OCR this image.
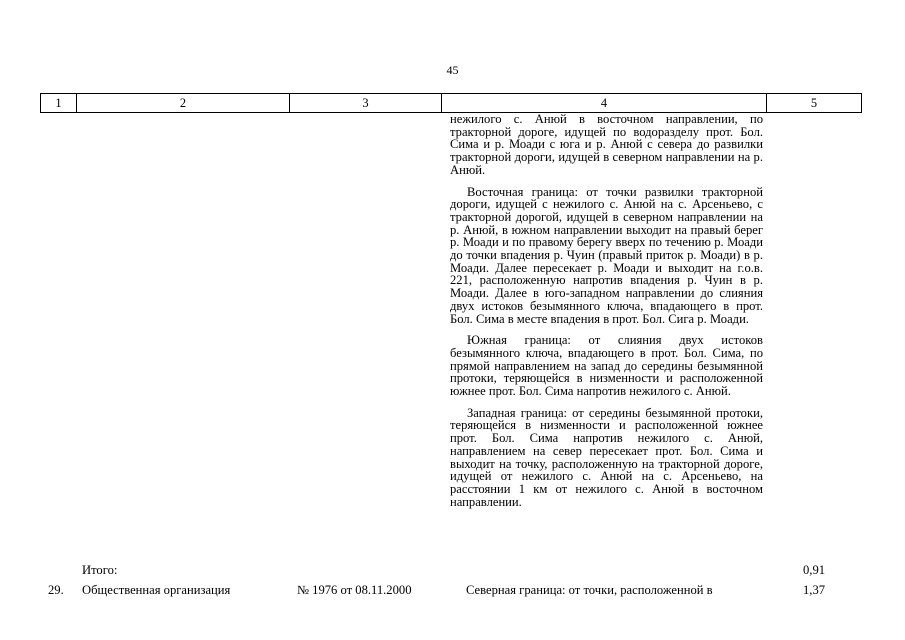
45
1	2	3	4	5

нежилого с. Анюй в восточном направлении, по тракторной дороге, идущей по водоразделу прот. Бол. Сима и р. Моади с юга и р. Анюй с севера до развилки тракторной дороги, идущей в северном направлении на р. Анюй.

Восточная граница: от точки развилки тракторной дороги, идущей с нежилого с. Анюй на с. Арсеньево, с тракторной дорогой, идущей в северном направлении на р. Анюй, в южном направлении выходит на правый берег р. Моади и по правому берегу вверх по течению р. Моади до точки впадения р. Чуин (правый приток р. Моади) в р. Моади. Далее пересекает р. Моади и выходит на г.о.в. 221, расположенную напротив впадения р. Чуин в р. Моади. Далее в юго-западном направлении до слияния двух истоков безымянного ключа, впадающего в прот. Бол. Сима в месте впадения в прот. Бол. Сига р. Моади.

Южная граница: от слияния двух истоков безымянного ключа, впадающего в прот. Бол. Сима, по прямой направлением на запад до середины безымянной протоки, теряющейся в низменности и расположенной южнее прот. Бол. Сима напротив нежилого с. Анюй.

Западная граница: от середины безымянной протоки, теряющейся в низменности и расположенной южнее прот. Бол. Сима напротив нежилого с. Анюй, направлением на север пересекает прот. Бол. Сима и выходит на точку, расположенную на тракторной дороге, идущей от нежилого с. Анюй на с. Арсеньево, на расстоянии 1 км от нежилого с. Анюй в восточном направлении.

Итого:	0,91
29. Общественная организация	№ 1976 от 08.11.2000	Северная граница: от точки, расположенной в	1,37
